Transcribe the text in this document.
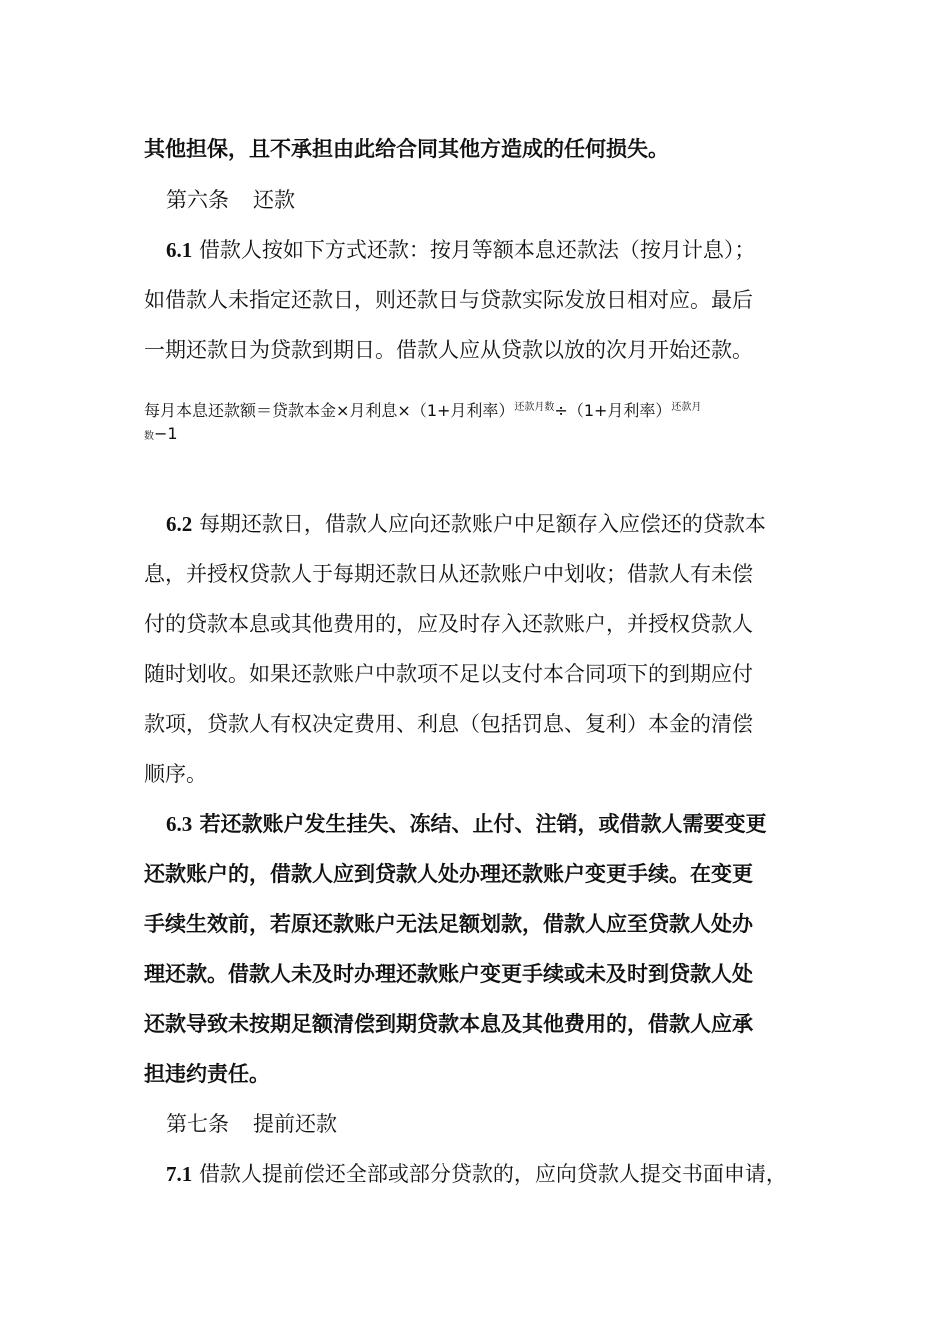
其他担保，且不承担由此给合同其他方造成的任何损失。
第六条 还款
6.1 借款人按如下方式还款：按月等额本息还款法（按月计息）；
如借款人未指定还款日，则还款日与贷款实际发放日相对应。最后
一期还款日为贷款到期日。借款人应从贷款以放的次月开始还款。
每月本息还款额＝贷款本金×月利息×（1+月利率）$^{还款月数}$÷（1+月利率）$^{还款月}$
数−1
6.2 每期还款日，借款人应向还款账户中足额存入应偿还的贷款本
息，并授权贷款人于每期还款日从还款账户中划收；借款人有未偿
付的贷款本息或其他费用的，应及时存入还款账户，并授权贷款人
随时划收。如果还款账户中款项不足以支付本合同项下的到期应付
款项，贷款人有权决定费用、利息（包括罚息、复利）本金的清偿
顺序。
6.3 若还款账户发生挂失、冻结、止付、注销，或借款人需要变更
还款账户的，借款人应到贷款人处办理还款账户变更手续。在变更
手续生效前，若原还款账户无法足额划款，借款人应至贷款人处办
理还款。借款人未及时办理还款账户变更手续或未及时到贷款人处
还款导致未按期足额清偿到期贷款本息及其他费用的，借款人应承
担违约责任。
第七条 提前还款
7.1 借款人提前偿还全部或部分贷款的，应向贷款人提交书面申请，
